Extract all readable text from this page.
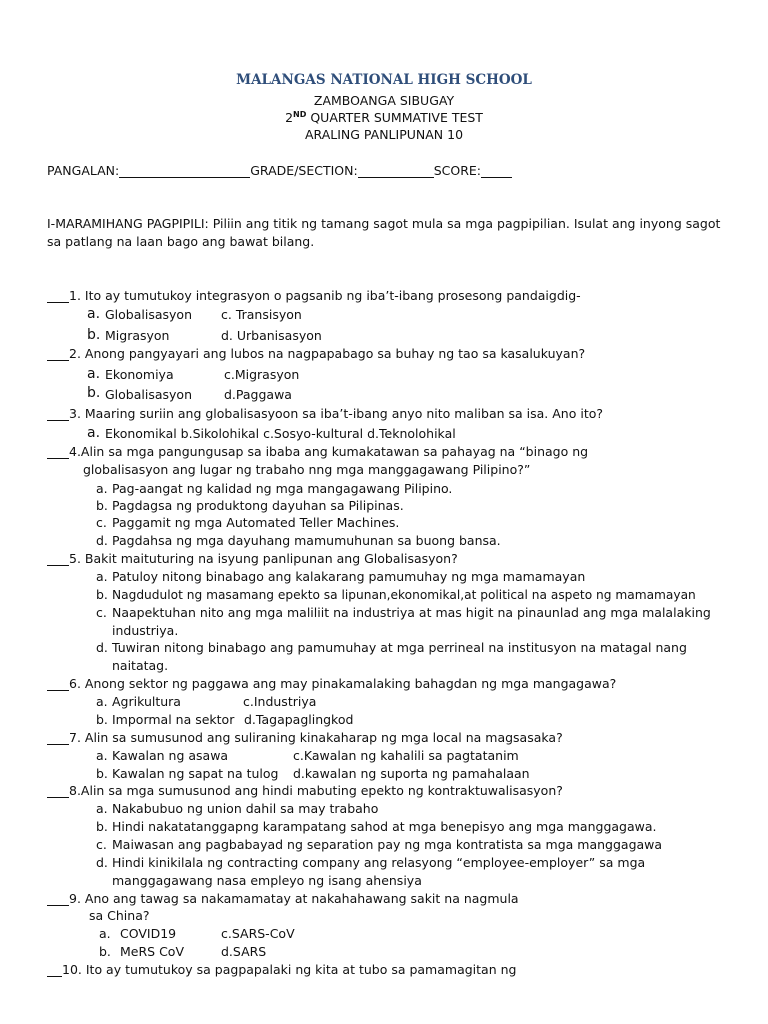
MALANGAS NATIONAL HIGH SCHOOL
ZAMBOANGA SIBUGAY
2ND QUARTER SUMMATIVE TEST
ARALING PANLIPUNAN 10
PANGALAN:	GRADE/SECTION:	SCORE:
I-MARAMIHANG PAGPIPILI: Piliin ang titik ng tamang sagot mula sa mga pagpipilian. Isulat ang inyong sagot
sa patlang na laan bago ang bawat bilang.
1. Ito ay tumutukoy integrasyon o pagsanib ng iba’t-ibang prosesong pandaigdig-
a. Globalisasyon c. Transisyon
b. Migrasyon	d. Urbanisasyon
2. Anong pangyayari ang lubos na nagpapabago sa buhay ng tao sa kasalukuyan?
a. Ekonomiya	c.Migrasyon
b. Globalisasyon	d.Paggawa
3. Maaring suriin ang globalisasyoon sa iba’t-ibang anyo nito maliban sa isa. Ano ito?
a. Ekonomikal b.Sikolohikal c.Sosyo-kultural d.Teknolohikal
4.Alin sa mga pangungusap sa ibaba ang kumakatawan sa pahayag na “binago ng
globalisasyon ang lugar ng trabaho nng mga manggagawang Pilipino?”
a. Pag-aangat ng kalidad ng mga mangagawang Pilipino.
b. Pagdagsa ng produktong dayuhan sa Pilipinas.
c. Paggamit ng mga Automated Teller Machines.
d. Pagdahsa ng mga dayuhang mamumuhunan sa buong bansa.
5. Bakit maituturing na isyung panlipunan ang Globalisasyon?
a. Patuloy nitong binabago ang kalakarang pamumuhay ng mga mamamayan
b. Nagdudulot ng masamang epekto sa lipunan,ekonomikal,at political na aspeto ng mamamayan
c. Naapektuhan nito ang mga maliliit na industriya at mas higit na pinaunlad ang mga malalaking
industriya.
d. Tuwiran nitong binabago ang pamumuhay at mga perrineal na institusyon na matagal nang
naitatag.
6. Anong sektor ng paggawa ang may pinakamalaking bahagdan ng mga mangagawa?
a. Agrikultura	c.Industriya
b. Impormal na sektor d.Tagapaglingkod
7. Alin sa sumusunod ang suliraning kinakaharap ng mga local na magsasaka?
a. Kawalan ng asawa	c.Kawalan ng kahalili sa pagtatanim
b. Kawalan ng sapat na tulog d.kawalan ng suporta ng pamahalaan
8.Alin sa mga sumusunod ang hindi mabuting epekto ng kontraktuwalisasyon?
a. Nakabubuo ng union dahil sa may trabaho
b. Hindi nakatatanggapng karampatang sahod at mga benepisyo ang mga manggagawa.
c. Maiwasan ang pagbabayad ng separation pay ng mga kontratista sa mga manggagawa
d. Hindi kinikilala ng contracting company ang relasyong “employee-employer” sa mga
manggagawang nasa empleyo ng isang ahensiya
9. Ano ang tawag sa nakamamatay at nakahahawang sakit na nagmula
sa China?
a. COVID19	c.SARS-CoV
b. MeRS CoV	d.SARS
10. Ito ay tumutukoy sa pagpapalaki ng kita at tubo sa pamamagitan ng
